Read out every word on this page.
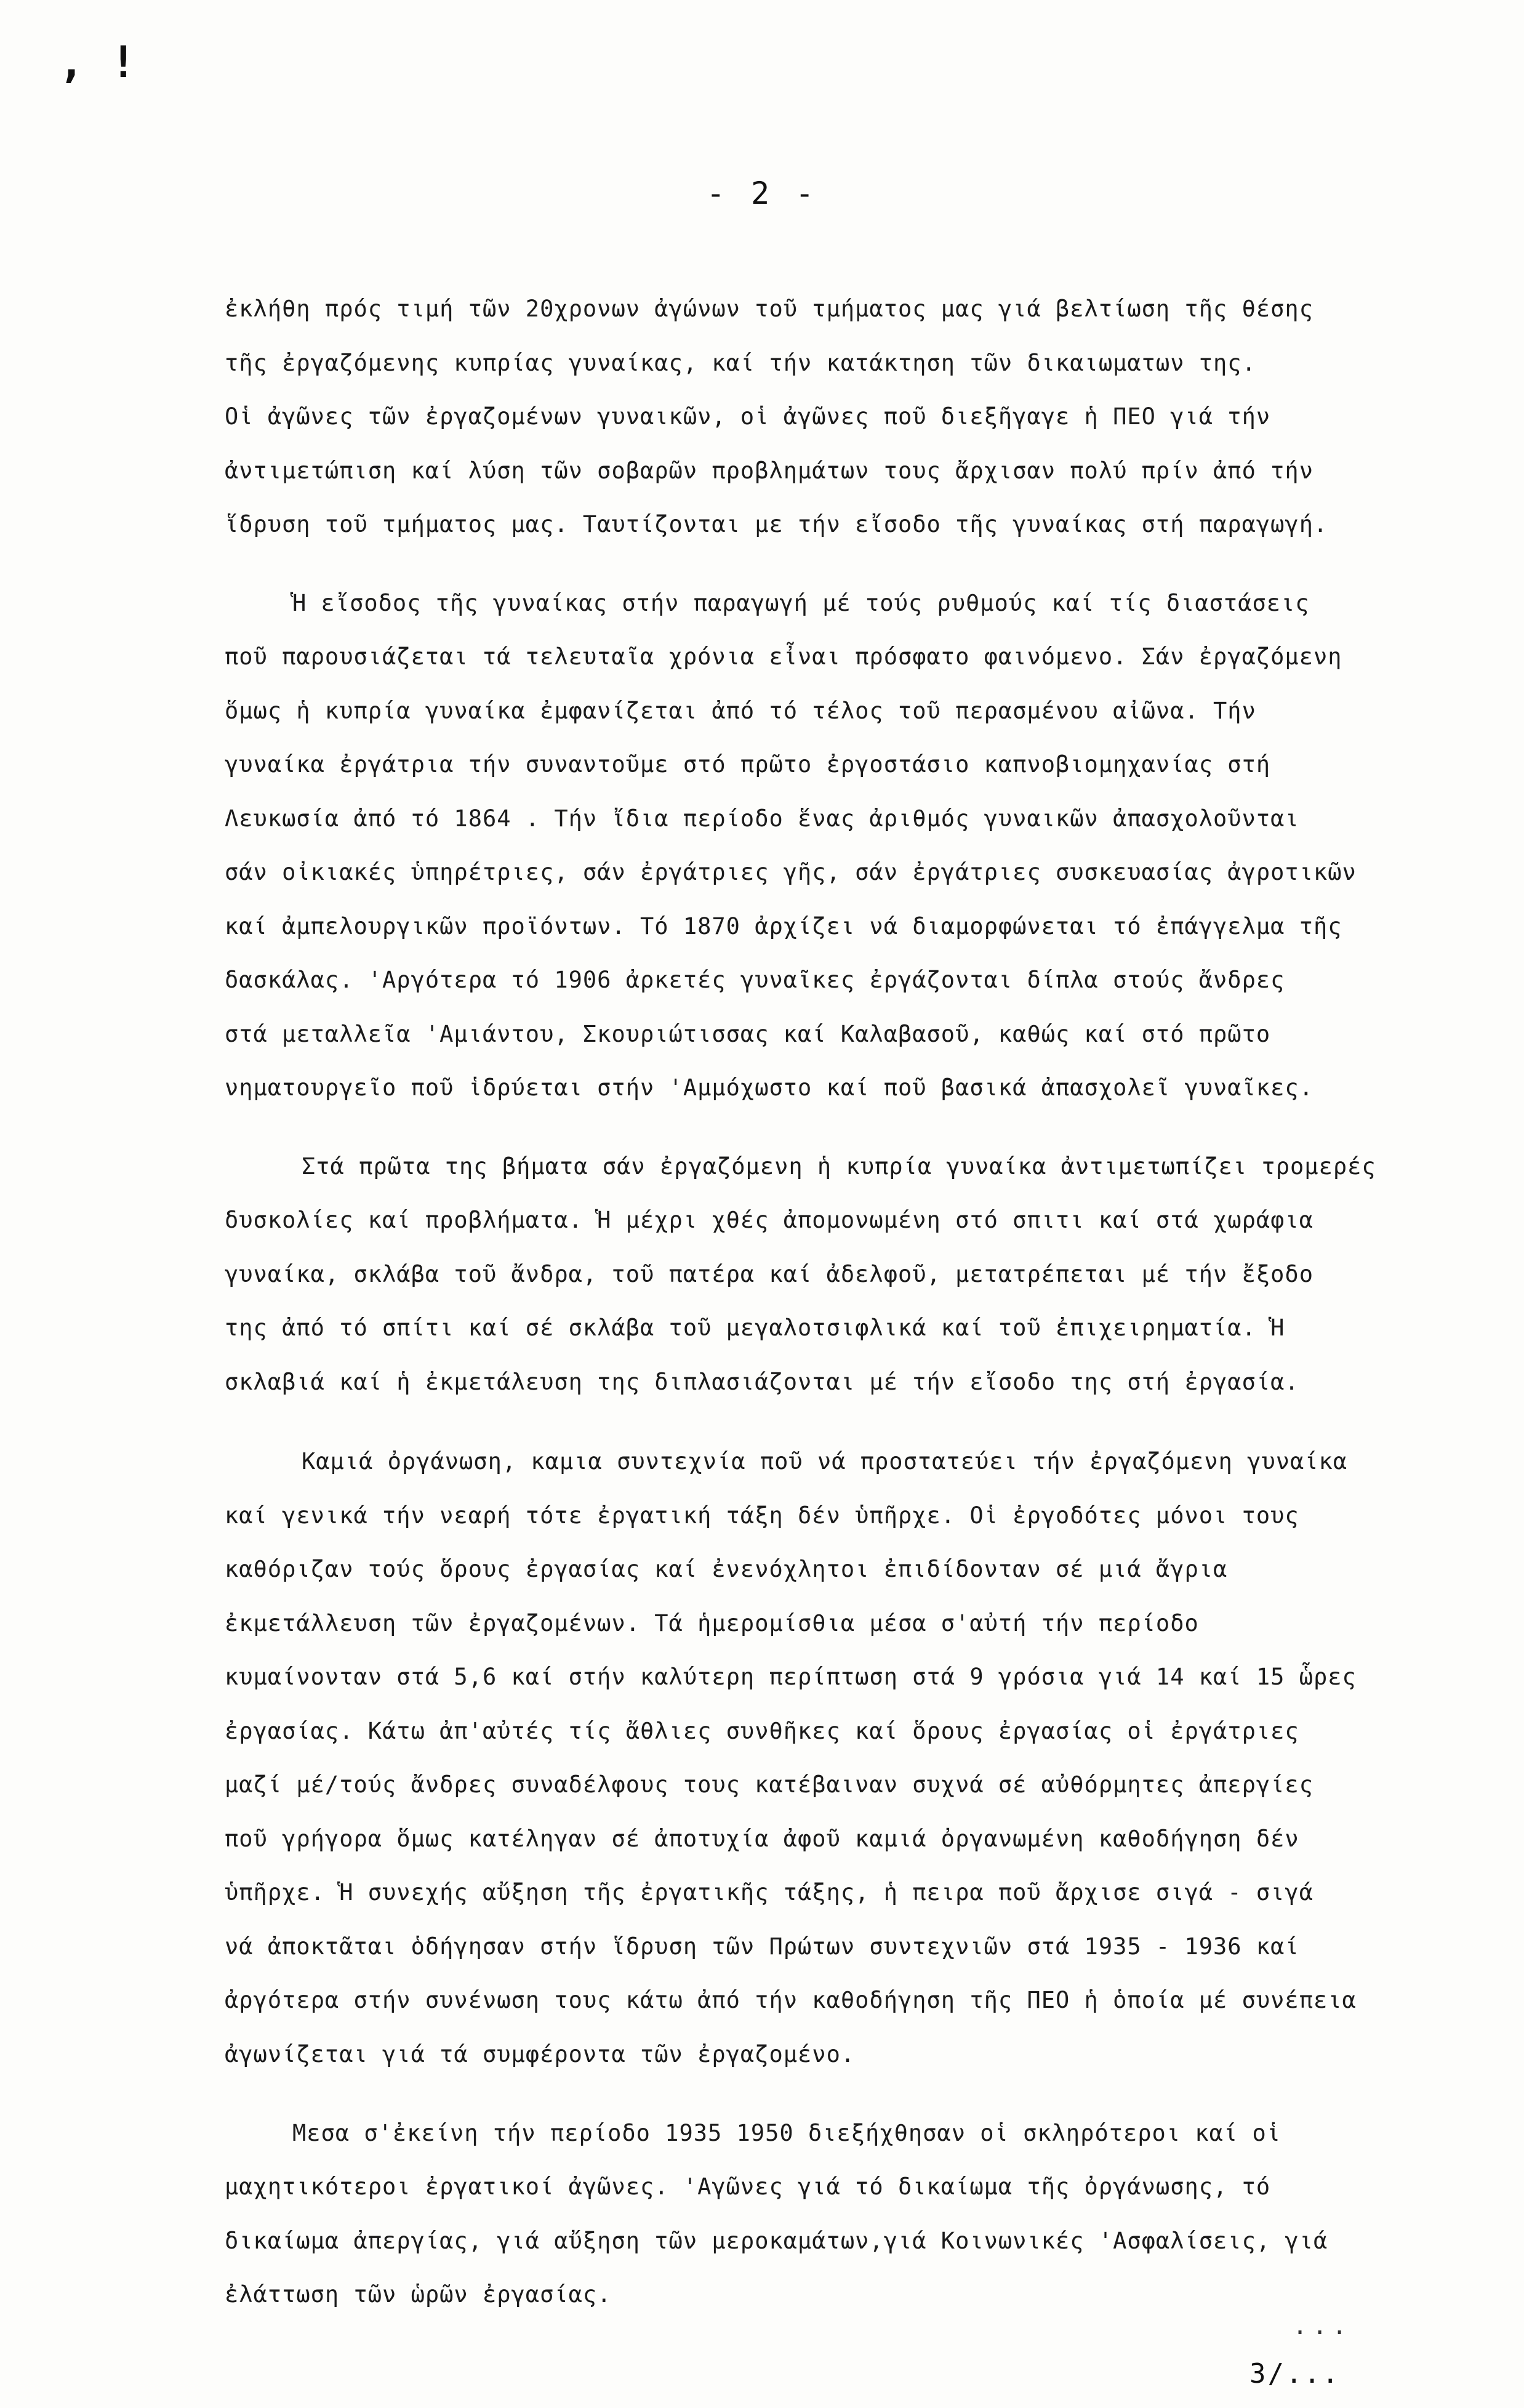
, !
- 2 -
ἐκλήθη πρός τιμή τῶν 20χρονων ἀγώνων τοῦ τμήματος μας γιά βελτίωση τῆς θέσης
τῆς ἐργαζόμενης κυπρίας γυναίκας, καί τήν κατάκτηση τῶν δικαιωματων της.
Οἱ ἀγῶνες τῶν ἐργαζομένων γυναικῶν, οἱ ἀγῶνες ποῦ διεξῆγαγε ἡ ΠΕΟ γιά τήν
ἀντιμετώπιση καί λύση τῶν σοβαρῶν προβλημάτων τους ἄρχισαν πολύ πρίν ἀπό τήν
ἵδρυση τοῦ τμήματος μας. Ταυτίζονται με τήν εἴσοδο τῆς γυναίκας στή παραγωγή.
Ἡ εἴσοδος τῆς γυναίκας στήν παραγωγή μέ τούς ρυθμούς καί τίς διαστάσεις
ποῦ παρουσιάζεται τά τελευταῖα χρόνια εἶναι πρόσφατο φαινόμενο. Σάν ἐργαζόμενη
ὅμως ἡ κυπρία γυναίκα ἐμφανίζεται ἀπό τό τέλος τοῦ περασμένου αἰῶνα. Τήν
γυναίκα ἐργάτρια τήν συναντοῦμε στό πρῶτο ἐργοστάσιο καπνοβιομηχανίας στή
Λευκωσία ἀπό τό 1864 . Τήν ἴδια περίοδο ἕνας ἀριθμός γυναικῶν ἀπασχολοῦνται
σάν οἰκιακές ὑπηρέτριες, σάν ἐργάτριες γῆς, σάν ἐργάτριες συσκευασίας ἀγροτικῶν
καί ἀμπελουργικῶν προϊόντων. Τό 1870 ἀρχίζει νά διαμορφώνεται τό ἐπάγγελμα τῆς
δασκάλας. 'Αργότερα τό 1906 ἀρκετές γυναῖκες ἐργάζονται δίπλα στούς ἄνδρες
στά μεταλλεῖα 'Αμιάντου, Σκουριώτισσας καί Καλαβασοῦ, καθώς καί στό πρῶτο
νηματουργεῖο ποῦ ἱδρύεται στήν 'Αμμόχωστο καί ποῦ βασικά ἀπασχολεῖ γυναῖκες.
Στά πρῶτα της βήματα σάν ἐργαζόμενη ἡ κυπρία γυναίκα ἀντιμετωπίζει τρομερές
δυσκολίες καί προβλήματα. Ἡ μέχρι χθές ἀπομονωμένη στό σπιτι καί στά χωράφια
γυναίκα, σκλάβα τοῦ ἄνδρα, τοῦ πατέρα καί ἀδελφοῦ, μετατρέπεται μέ τήν ἔξοδο
της ἀπό τό σπίτι καί σέ σκλάβα τοῦ μεγαλοτσιφλικά καί τοῦ ἐπιχειρηματία. Ἡ
σκλαβιά καί ἡ ἐκμετάλευση της διπλασιάζονται μέ τήν εἴσοδο της στή ἐργασία.
Καμιά ὀργάνωση, καμια συντεχνία ποῦ νά προστατεύει τήν ἐργαζόμενη γυναίκα
καί γενικά τήν νεαρή τότε ἐργατική τάξη δέν ὑπῆρχε. Οἱ ἐργοδότες μόνοι τους
καθόριζαν τούς ὅρους ἐργασίας καί ἐνενόχλητοι ἐπιδίδονταν σέ μιά ἄγρια
ἐκμετάλλευση τῶν ἐργαζομένων. Τά ἡμερομίσθια μέσα σ'αὐτή τήν περίοδο
κυμαίνονταν στά 5,6 καί στήν καλύτερη περίπτωση στά 9 γρόσια γιά 14 καί 15 ὧρες
ἐργασίας. Κάτω ἀπ'αὐτές τίς ἄθλιες συνθῆκες καί ὅρους ἐργασίας οἱ ἐργάτριες
μαζί μέ/τούς ἄνδρες συναδέλφους τους κατέβαιναν συχνά σέ αὐθόρμητες ἀπεργίες
ποῦ γρήγορα ὅμως κατέληγαν σέ ἀποτυχία ἀφοῦ καμιά ὀργανωμένη καθοδήγηση δέν
ὑπῆρχε. Ἡ συνεχής αὔξηση τῆς ἐργατικῆς τάξης, ἡ πειρα ποῦ ἄρχισε σιγά - σιγά
νά ἀποκτᾶται ὁδήγησαν στήν ἵδρυση τῶν Πρώτων συντεχνιῶν στά 1935 - 1936 καί
ἀργότερα στήν συνένωση τους κάτω ἀπό τήν καθοδήγηση τῆς ΠΕΟ ἡ ὁποία μέ συνέπεια
ἀγωνίζεται γιά τά συμφέροντα τῶν ἐργαζομένο.
Μεσα σ'ἐκείνη τήν περίοδο 1935 1950 διεξήχθησαν οἱ σκληρότεροι καί οἱ
μαχητικότεροι ἐργατικοί ἀγῶνες. 'Αγῶνες γιά τό δικαίωμα τῆς ὀργάνωσης, τό
δικαίωμα ἀπεργίας, γιά αὔξηση τῶν μεροκαμάτων,γιά Κοινωνικές 'Ασφαλίσεις, γιά
ἐλάττωση τῶν ὡρῶν ἐργασίας.
...
3/...
